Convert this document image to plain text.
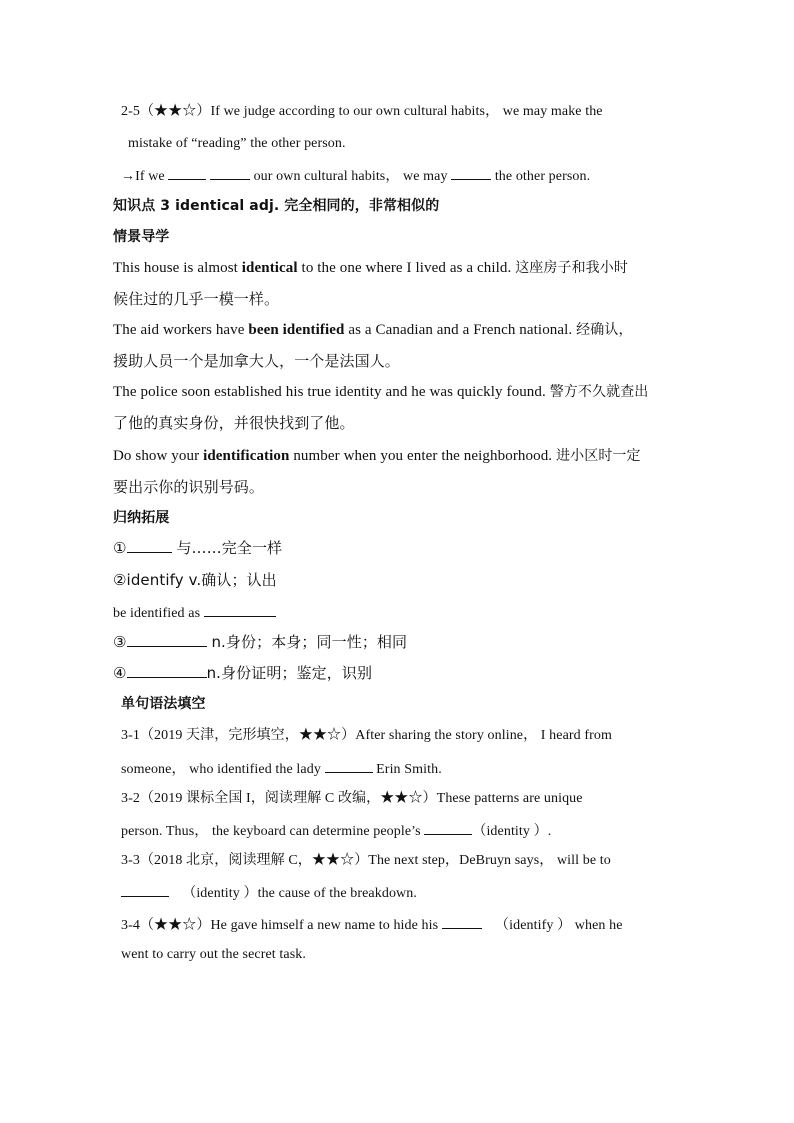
2-5（★★☆）If we judge according to our own cultural habits， we may make the
mistake of “reading” the other person.
→If we	our own cultural habits， we may	the other person.
知识点 3 identical adj. 完全相同的，非常相似的
情景导学
This house is almost identical to the one where I lived as a child. 这座房子和我小时
候住过的几乎一模一样。
The aid workers have been identified as a Canadian and a French national. 经确认，
援助人员一个是加拿大人，一个是法国人。
The police soon established his true identity and he was quickly found. 警方不久就查出
了他的真实身份，并很快找到了他。
Do show your identification number when you enter the neighborhood. 进小区时一定
要出示你的识别号码。
归纳拓展
①	与……完全一样
②identify v.确认；认出
be identified as
③	n.身份；本身；同一性；相同
④	n.身份证明；鉴定，识别
单句语法填空
3-1（2019 天津，完形填空，★★☆）After sharing the story online， I heard from
someone， who identified the lady	Erin Smith.
3-2（2019 课标全国 I，阅读理解 C 改编，★★☆）These patterns are unique
person. Thus， the keyboard can determine people’s	（identity ）.
3-3（2018 北京，阅读理解 C，★★☆）The next step，DeBruyn says， will be to
（identity ）the cause of the breakdown.
3-4（★★☆）He gave himself a new name to hide his	（identify ） when he
went to carry out the secret task.
